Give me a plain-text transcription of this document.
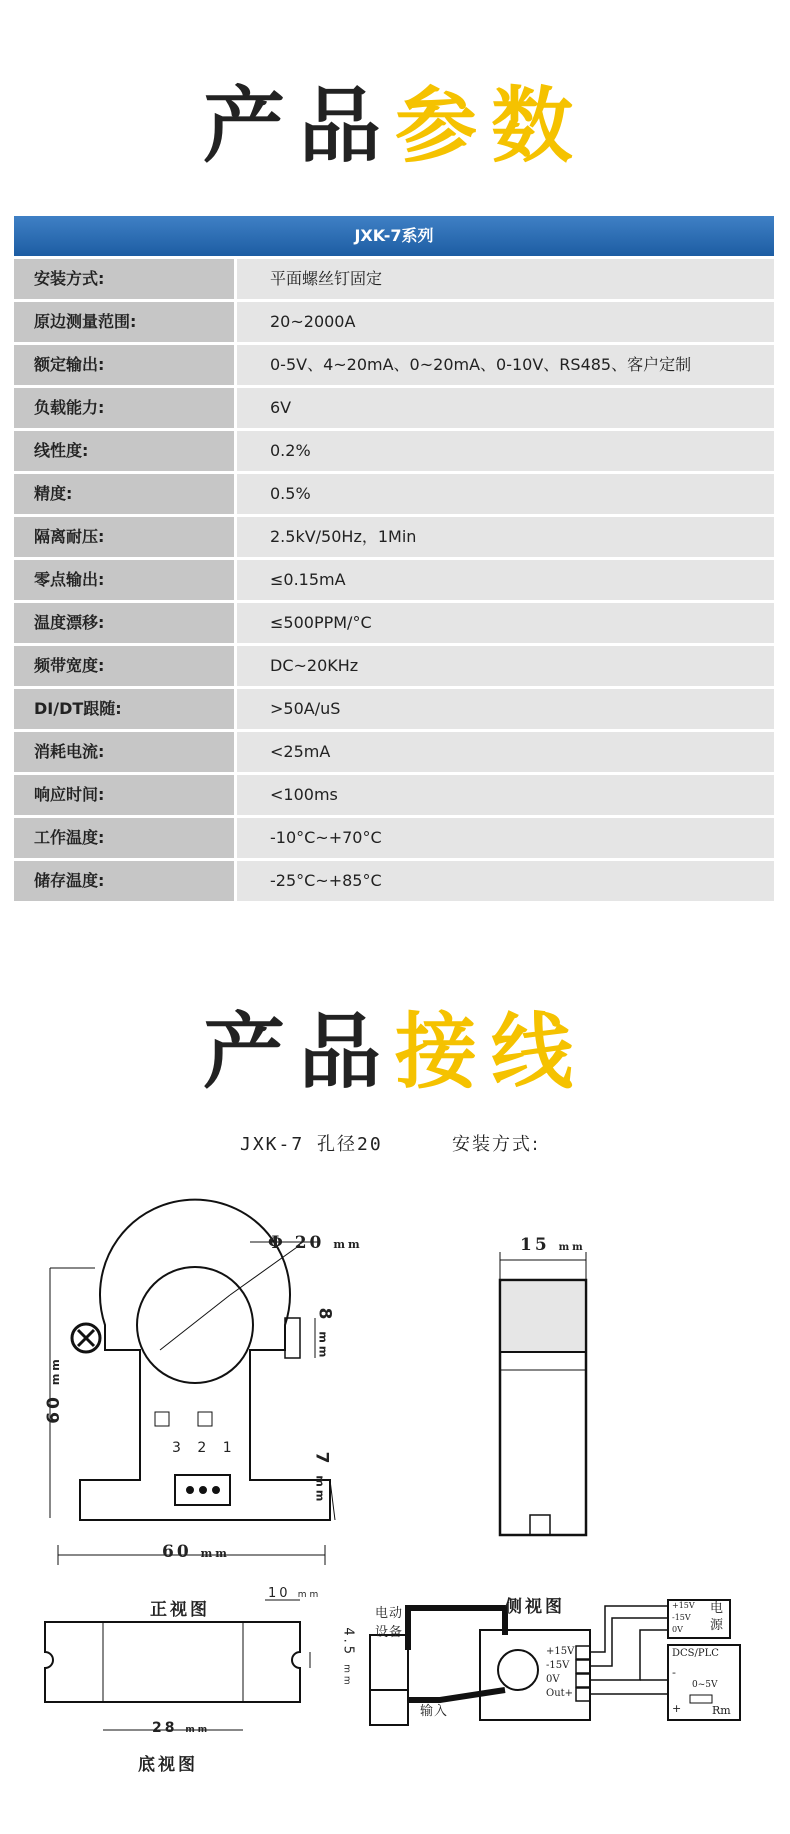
产品参数
JXK-7系列
安装方式:	平面螺丝钉固定
原边测量范围:	20~2000A
额定输出:	0-5V、4~20mA、0~20mA、0-10V、RS485、客户定制
负载能力:	6V
线性度:	0.2%
精度:	0.5%
隔离耐压:	2.5kV/50Hz，1Min
零点输出:	≤0.15mA
温度漂移:	≤500PPM/°C
频带宽度:	DC~20KHz
DI/DT跟随:	>50A/uS
消耗电流:	<25mA
响应时间:	<100ms
工作温度:	-10°C~+70°C
储存温度:	-25°C~+85°C
产品接线
JXK-7 孔径20	安装方式:
Φ 20 mm
60 mm
60 mm
8 mm
7 mm
3 2 1
正视图
15 mm
侧视图
10 mm
4.5 mm
28 mm
底视图
电动
设备
输入
+15V
-15V
0V
Out+
+15V
-15V
0V
电
源
DCS/PLC
0~5V
-
+	Rm
